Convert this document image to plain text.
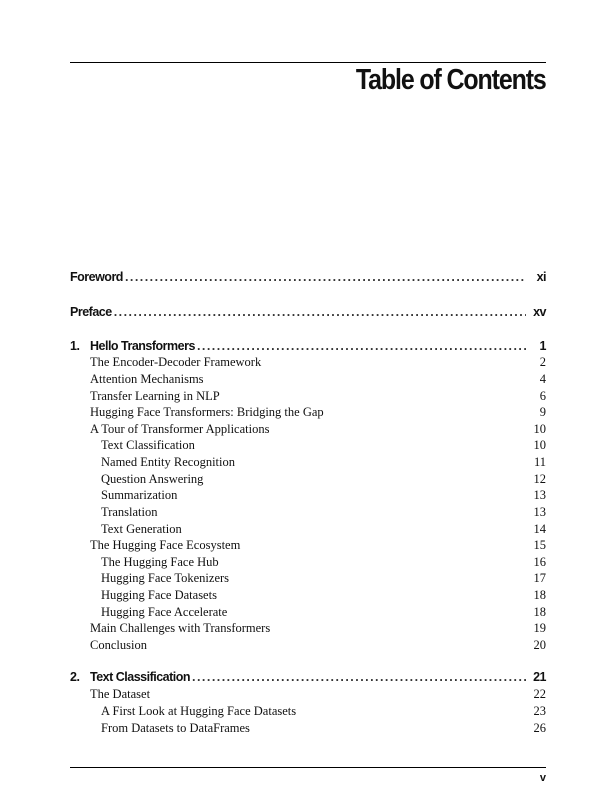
Table of Contents
Foreword . . .	xi
Preface . . .	xv
1. Hello Transformers . . .	1
The Encoder-Decoder Framework	2
Attention Mechanisms	4
Transfer Learning in NLP	6
Hugging Face Transformers: Bridging the Gap	9
A Tour of Transformer Applications	10
Text Classification	10
Named Entity Recognition	11
Question Answering	12
Summarization	13
Translation	13
Text Generation	14
The Hugging Face Ecosystem	15
The Hugging Face Hub	16
Hugging Face Tokenizers	17
Hugging Face Datasets	18
Hugging Face Accelerate	18
Main Challenges with Transformers	19
Conclusion	20
2. Text Classification . . .	21
The Dataset	22
A First Look at Hugging Face Datasets	23
From Datasets to DataFrames	26
v
